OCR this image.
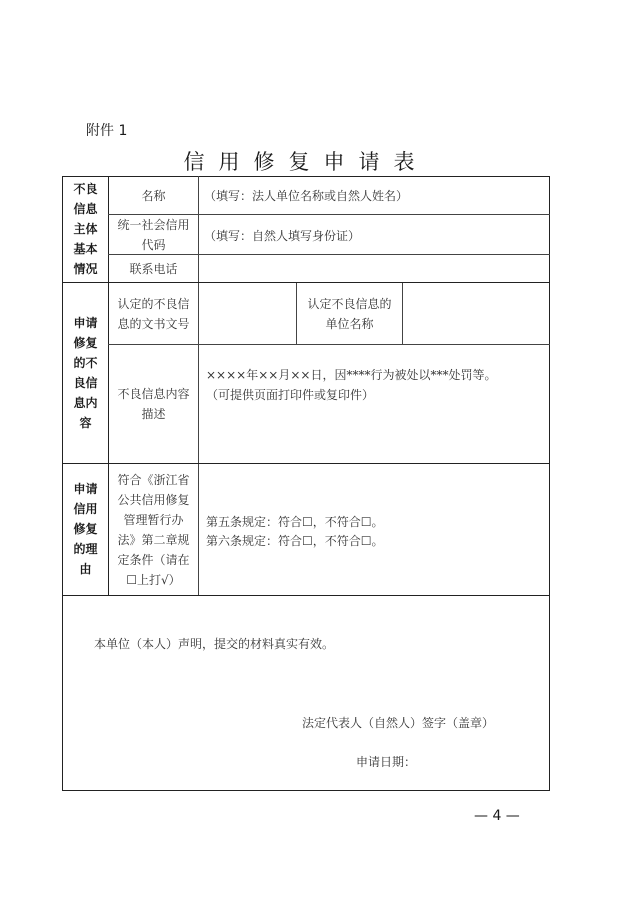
附件 1
信用修复申请表
不良
信息
主体
基本
情况
名称	（填写：法人单位名称或自然人姓名）
统一社会信用
代码
（填写：自然人填写身份证）
联系电话
申请
修复
的不
良信
息内
容
认定的不良信
息的文书文号
认定不良信息的
单位名称
不良信息内容
描述
××××年××月××日，因****行为被处以***处罚等。
（可提供页面打印件或复印件）
申请
信用
修复
的理
由
符合《浙江省
公共信用修复
管理暂行办
法》第二章规
定条件（请在
☐上打√）
第五条规定：符合☐，不符合☐。
第六条规定：符合☐，不符合☐。
本单位（本人）声明，提交的材料真实有效。
法定代表人（自然人）签字（盖章）
申请日期：
— 4 —
